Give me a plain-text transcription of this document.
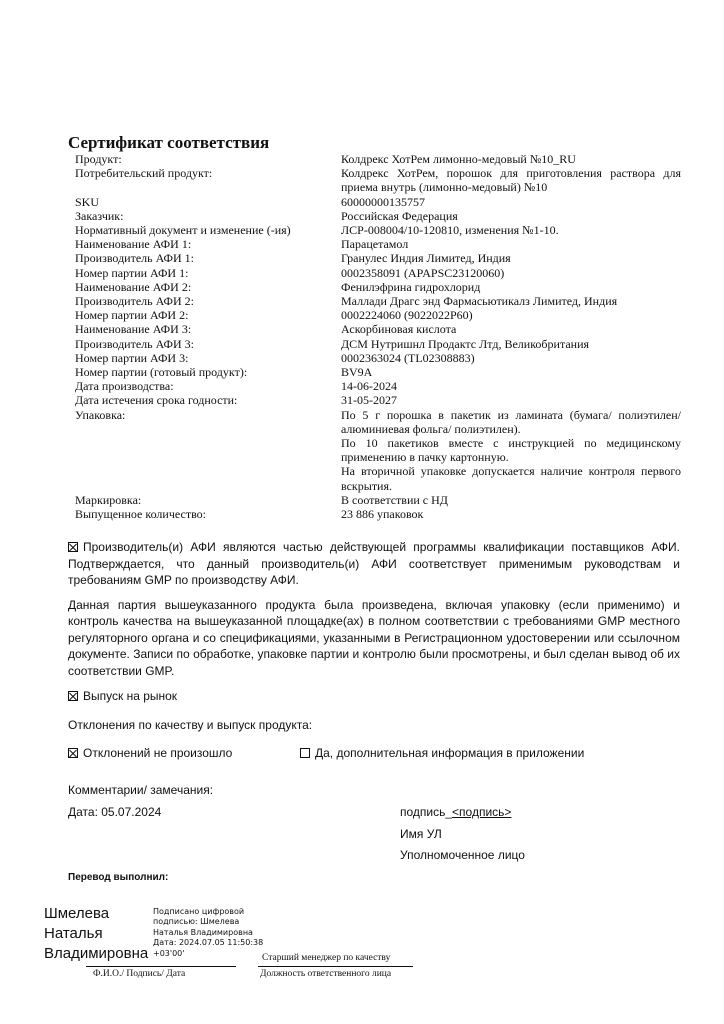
Сертификат соответствия
Продукт:	Колдрекс ХотРем лимонно-медовый №10_RU

Потребительский продукт:	Колдрекс ХотРем, порошок для приготовления раствора для приема внутрь (лимонно-медовый) №10

SKU	60000000135757

Заказчик:	Российская Федерация

Нормативный документ и изменение (-ия)	ЛСР-008004/10-120810, изменения №1-10.

Наименование АФИ 1:	Парацетамол

Производитель АФИ 1:	Гранулес Индия Лимитед, Индия

Номер партии АФИ 1:	0002358091 (APAPSC23120060)

Наименование АФИ 2:	Фенилэфрина гидрохлорид

Производитель АФИ 2:	Маллади Драгс энд Фармасьютикалз Лимитед, Индия

Номер партии АФИ 2:	0002224060 (9022022P60)

Наименование АФИ 3:	Аскорбиновая кислота

Производитель АФИ 3:	ДСМ Нутришнл Продактс Лтд, Великобритания

Номер партии АФИ 3:	0002363024 (TL02308883)

Номер партии (готовый продукт):	BV9A

Дата производства:	14-06-2024

Дата истечения срока годности:	31-05-2027

Упаковка:	По 5 г порошка в пакетик из ламината (бумага/ полиэтилен/ алюминиевая фольга/ полиэтилен).

По 10 пакетиков вместе с инструкцией по медицинскому применению в пачку картонную.

На вторичной упаковке допускается наличие контроля первого вскрытия.

Маркировка:	В соответствии с НД

Выпущенное количество:	23 886 упаковок

Производитель(и) АФИ являются частью действующей программы квалификации поставщиков АФИ. Подтверждается, что данный производитель(и) АФИ соответствует применимым руководствам и требованиям GMP по производству АФИ.
Данная партия вышеуказанного продукта была произведена, включая упаковку (если применимо) и контроль качества на вышеуказанной площадке(ах) в полном соответствии с требованиями GMP местного регуляторного органа и со спецификациями, указанными в Регистрационном удостоверении или ссылочном документе. Записи по обработке, упаковке партии и контролю были просмотрены, и был сделан вывод об их соответствии GMP.
Выпуск на рынок
Отклонения по качеству и выпуск продукта:
Отклонений не произошло	Да, дополнительная информация в приложении
Комментарии/ замечания:
Дата: 05.07.2024	подпись_<подпись>
Имя УЛ
Уполномоченное лицо
Перевод выполнил:
Шмелева
Наталья
Владимировна
Подписано цифровой
подписью: Шмелева
Наталья Владимировна
Дата: 2024.07.05 11:50:38
+03'00'	Старший менеджер по качеству
Ф.И.О./ Подпись/ Дата	Должность ответственного лица
